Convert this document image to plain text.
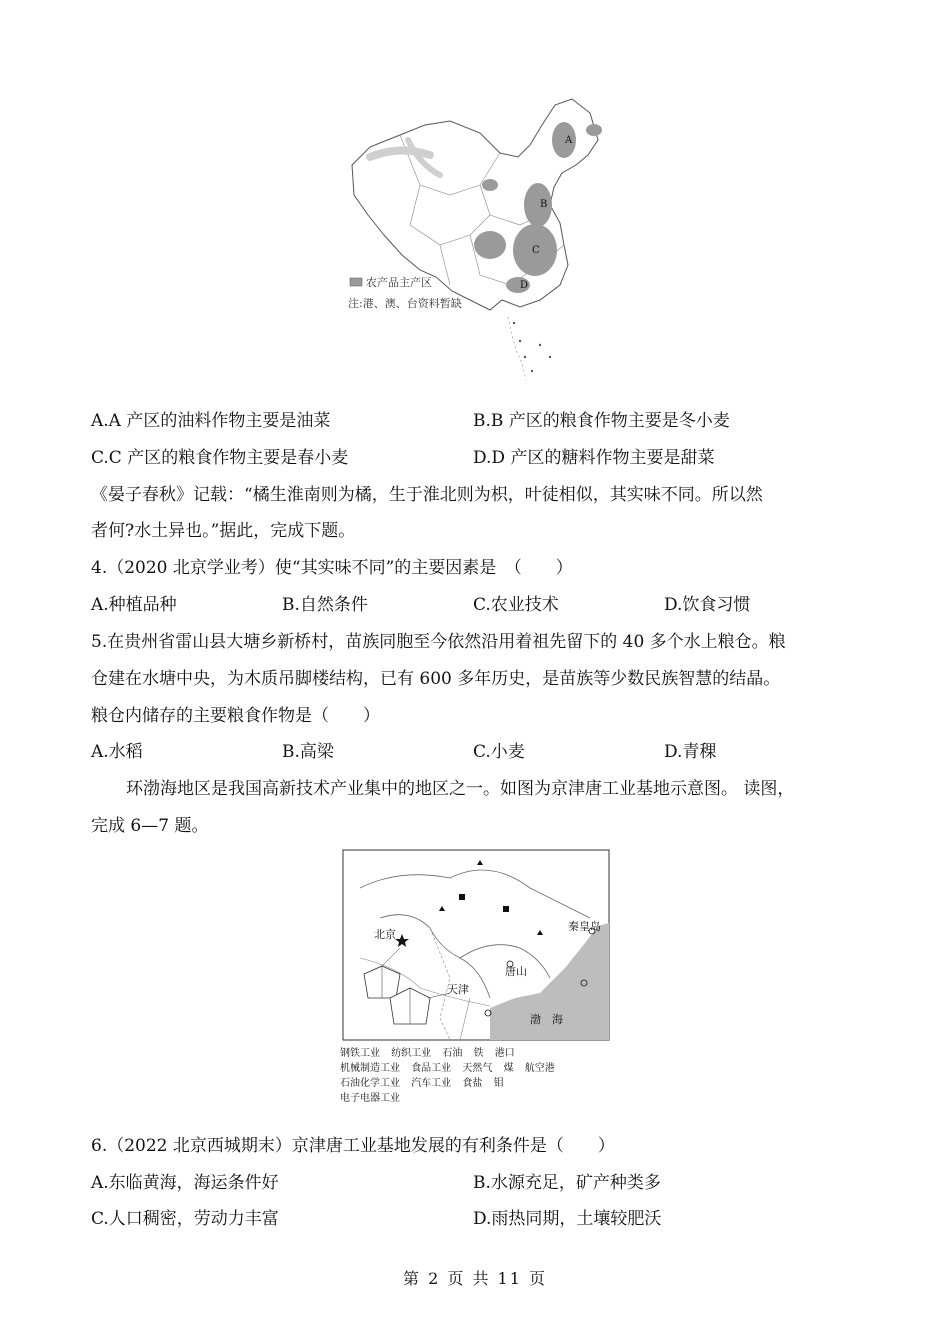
A
B
C
D
农产品主产区
注:港、澳、台资料暂缺
A.A 产区的油料作物主要是油菜	B.B 产区的粮食作物主要是冬小麦
C.C 产区的粮食作物主要是春小麦	D.D 产区的糖料作物主要是甜菜
《晏子春秋》记载：“橘生淮南则为橘，生于淮北则为枳，叶徒相似，其实味不同。所以然
者何?水土异也。”据此，完成下题。
4.（2020 北京学业考）使“其实味不同”的主要因素是　（　　）
A.种植品种	B.自然条件	C.农业技术	D.饮食习惯
5.在贵州省雷山县大塘乡新桥村，苗族同胞至今依然沿用着祖先留下的 40 多个水上粮仓。粮
仓建在水塘中央，为木质吊脚楼结构，已有 600 多年历史，是苗族等少数民族智慧的结晶。
粮仓内储存的主要粮食作物是（　　）
A.水稻	B.高梁	C.小麦	D.青稞
环渤海地区是我国高新技术产业集中的地区之一。如图为京津唐工业基地示意图。 读图，
完成 6—7 题。
北京
天津
唐山
秦皇岛
渤　海
钢铁工业 纺织工业 石油 铁 港口
机械制造工业 食品工业 天然气 煤 航空港
石油化学工业 汽车工业 食盐 钼
电子电器工业
6.（2022 北京西城期末）京津唐工业基地发展的有利条件是（　　）
A.东临黄海，海运条件好	B.水源充足，矿产种类多
C.人口稠密，劳动力丰富	D.雨热同期，土壤较肥沃
第 2 页 共 11 页
